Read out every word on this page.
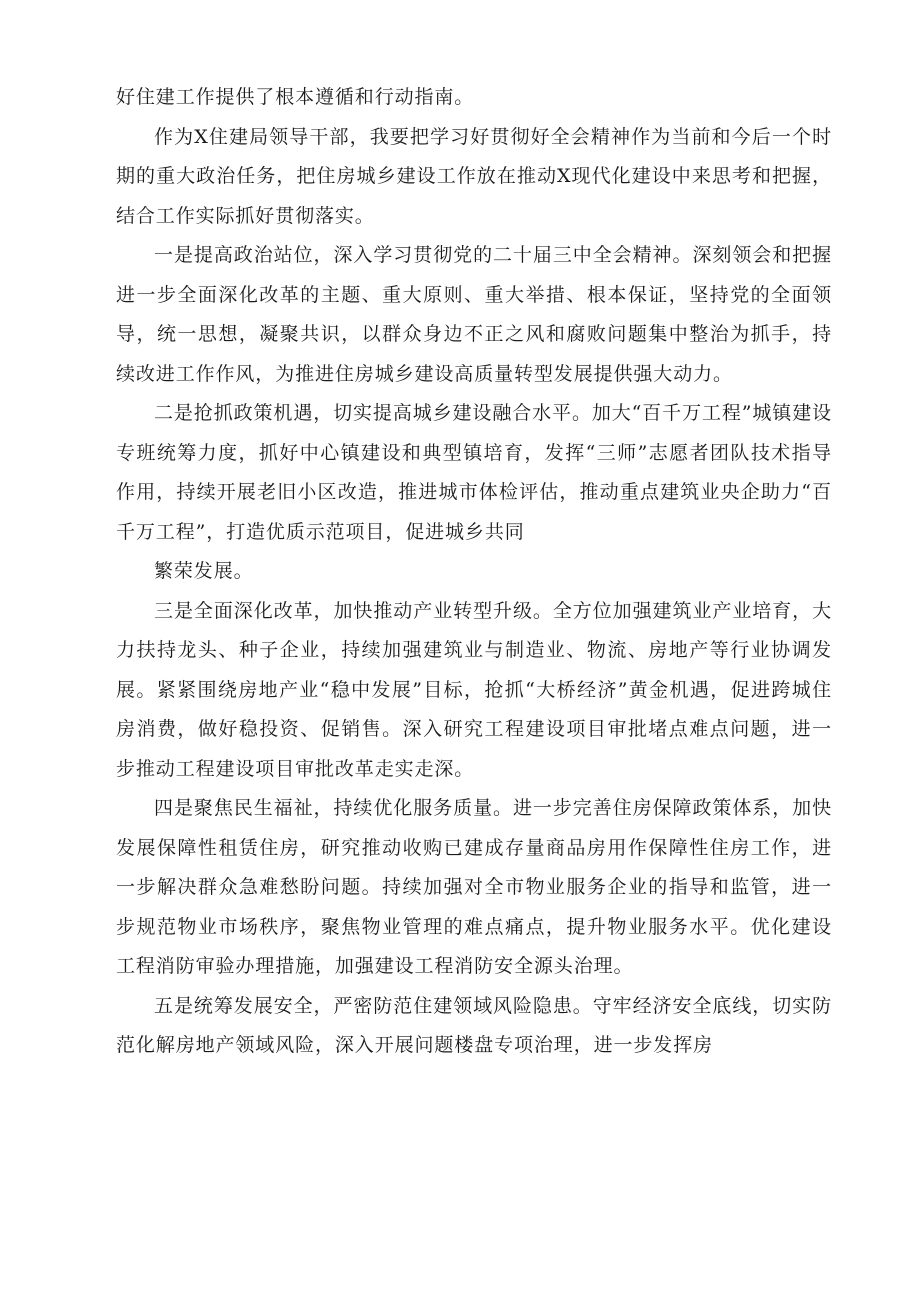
好住建工作提供了根本遵循和行动指南。

作为X住建局领导干部，我要把学习好贯彻好全会精神作为当前和今后一个时期的重大政治任务，把住房城乡建设工作放在推动X现代化建设中来思考和把握，结合工作实际抓好贯彻落实。

一是提高政治站位，深入学习贯彻党的二十届三中全会精神。深刻领会和把握进一步全面深化改革的主题、重大原则、重大举措、根本保证，坚持党的全面领导，统一思想，凝聚共识，以群众身边不正之风和腐败问题集中整治为抓手，持续改进工作作风，为推进住房城乡建设高质量转型发展提供强大动力。

二是抢抓政策机遇，切实提高城乡建设融合水平。加大“百千万工程”城镇建设专班统筹力度，抓好中心镇建设和典型镇培育，发挥“三师”志愿者团队技术指导作用，持续开展老旧小区改造，推进城市体检评估，推动重点建筑业央企助力“百千万工程”，打造优质示范项目，促进城乡共同

繁荣发展。

三是全面深化改革，加快推动产业转型升级。全方位加强建筑业产业培育，大力扶持龙头、种子企业，持续加强建筑业与制造业、物流、房地产等行业协调发展。紧紧围绕房地产业“稳中发展”目标，抢抓“大桥经济”黄金机遇，促进跨城住房消费，做好稳投资、促销售。深入研究工程建设项目审批堵点难点问题，进一步推动工程建设项目审批改革走实走深。

四是聚焦民生福祉，持续优化服务质量。进一步完善住房保障政策体系，加快发展保障性租赁住房，研究推动收购已建成存量商品房用作保障性住房工作，进一步解决群众急难愁盼问题。持续加强对全市物业服务企业的指导和监管，进一步规范物业市场秩序，聚焦物业管理的难点痛点，提升物业服务水平。优化建设工程消防审验办理措施，加强建设工程消防安全源头治理。

五是统筹发展安全，严密防范住建领域风险隐患。守牢经济安全底线，切实防范化解房地产领域风险，深入开展问题楼盘专项治理，进一步发挥房
